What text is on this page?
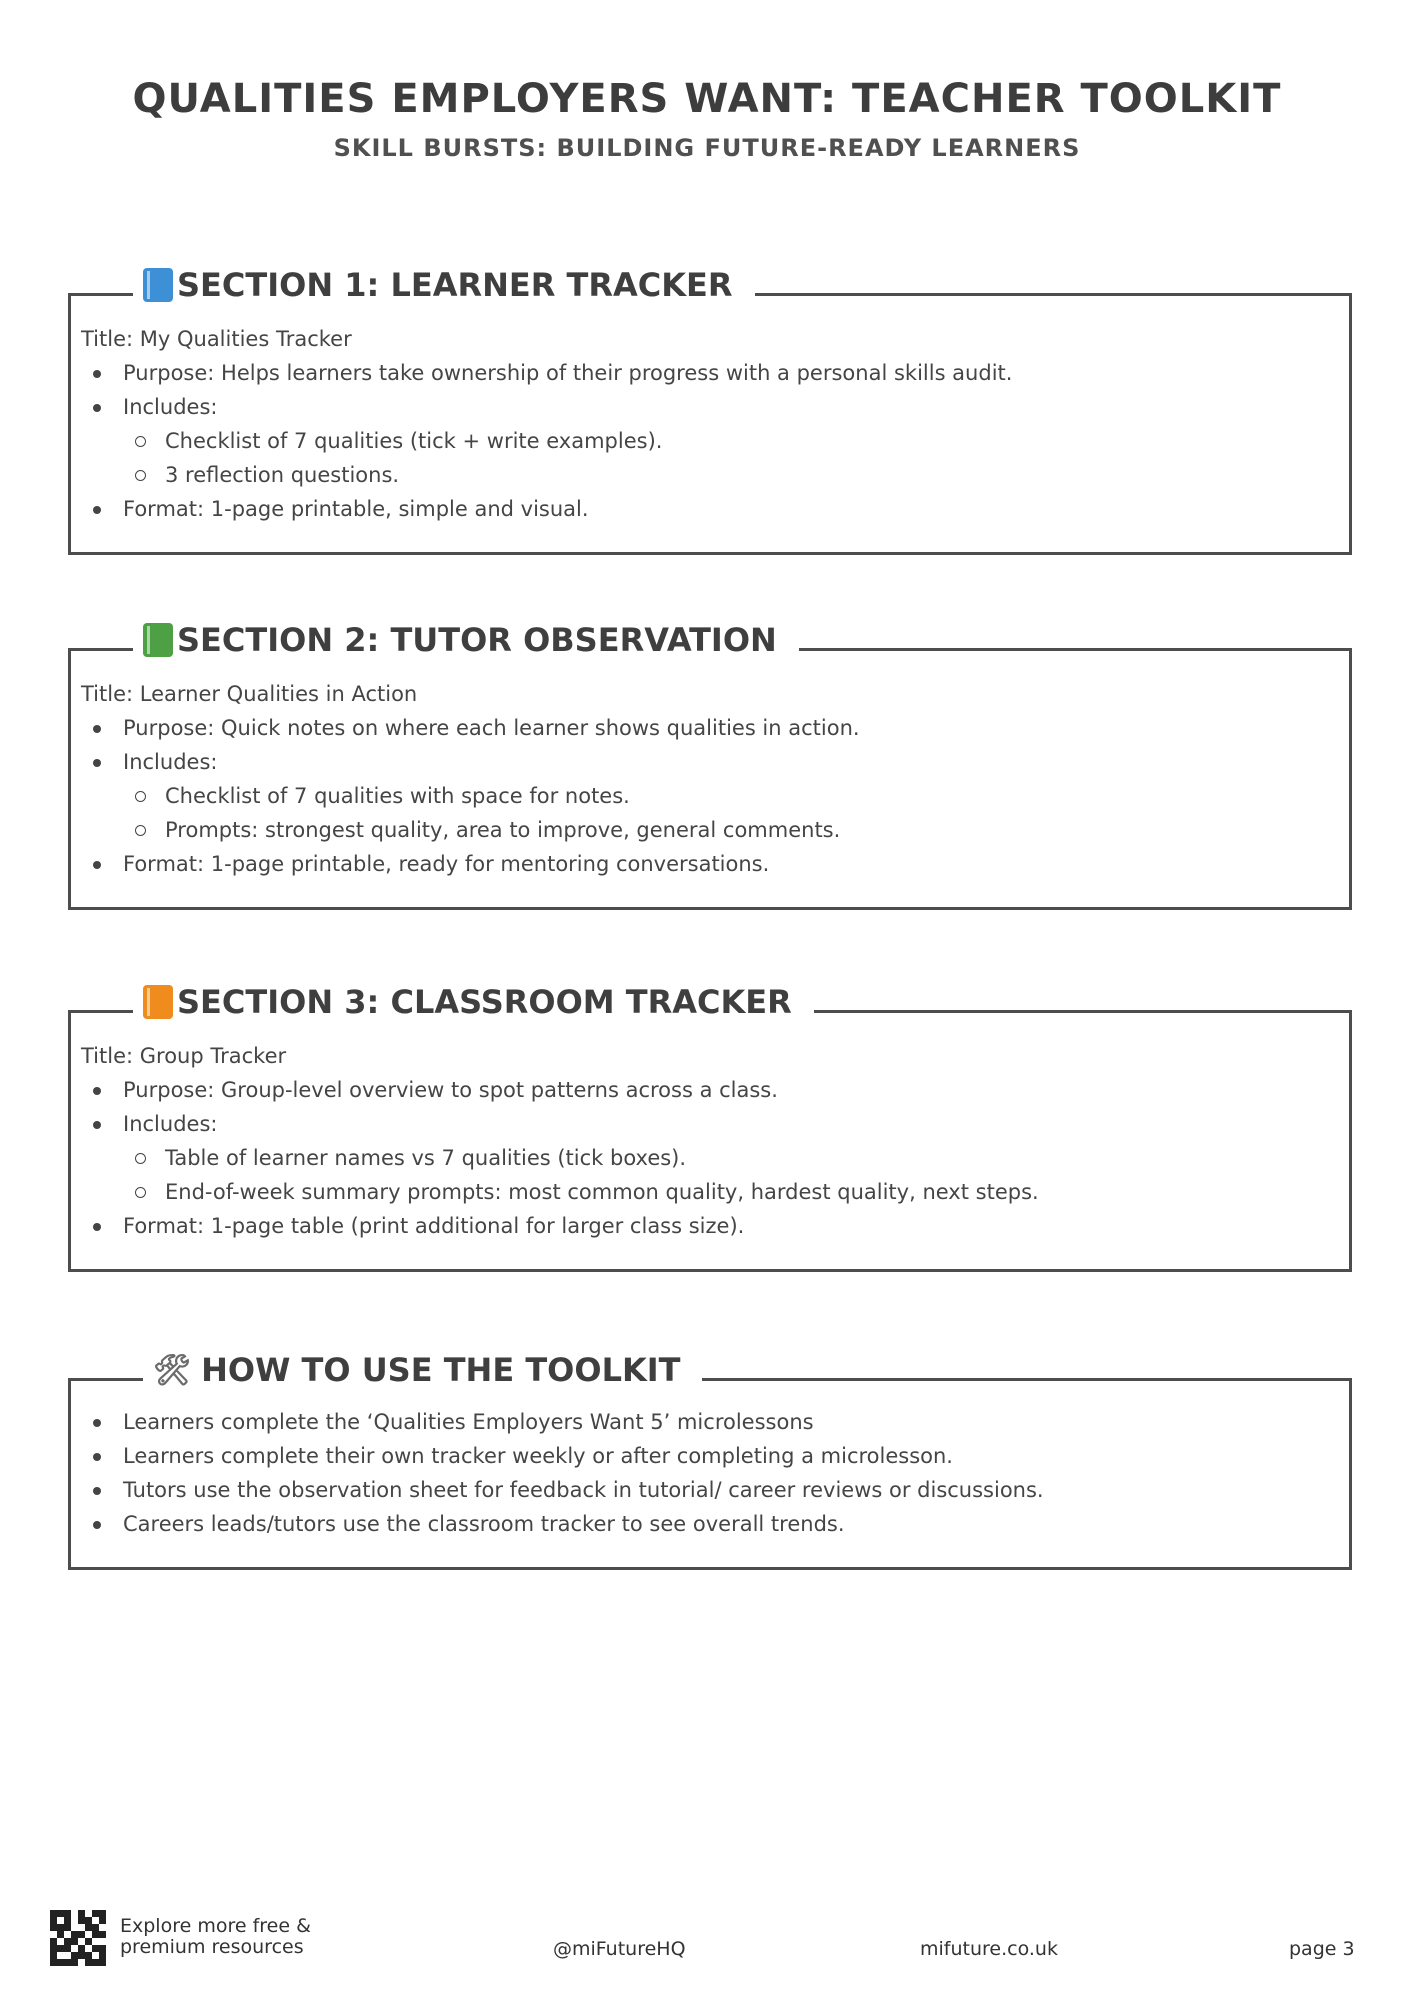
QUALITIES EMPLOYERS WANT: TEACHER TOOLKIT
SKILL BURSTS: BUILDING FUTURE-READY LEARNERS
SECTION 1: LEARNER TRACKER
Title: My Qualities Tracker
Purpose: Helps learners take ownership of their progress with a personal skills audit.
Includes:
Checklist of 7 qualities (tick + write examples).
3 reflection questions.
Format: 1-page printable, simple and visual.
SECTION 2: TUTOR OBSERVATION
Title: Learner Qualities in Action
Purpose: Quick notes on where each learner shows qualities in action.
Includes:
Checklist of 7 qualities with space for notes.
Prompts: strongest quality, area to improve, general comments.
Format: 1-page printable, ready for mentoring conversations.
SECTION 3: CLASSROOM TRACKER
Title: Group Tracker
Purpose: Group-level overview to spot patterns across a class.
Includes:
Table of learner names vs 7 qualities (tick boxes).
End-of-week summary prompts: most common quality, hardest quality, next steps.
Format: 1-page table (print additional for larger class size).
🛠 HOW TO USE THE TOOLKIT
Learners complete the ‘Qualities Employers Want 5’ microlessons
Learners complete their own tracker weekly or after completing a microlesson.
Tutors use the observation sheet for feedback in tutorial/ career reviews or discussions.
Careers leads/tutors use the classroom tracker to see overall trends.
Explore more free &
premium resources	@miFutureHQ	mifuture.co.uk	page 3
